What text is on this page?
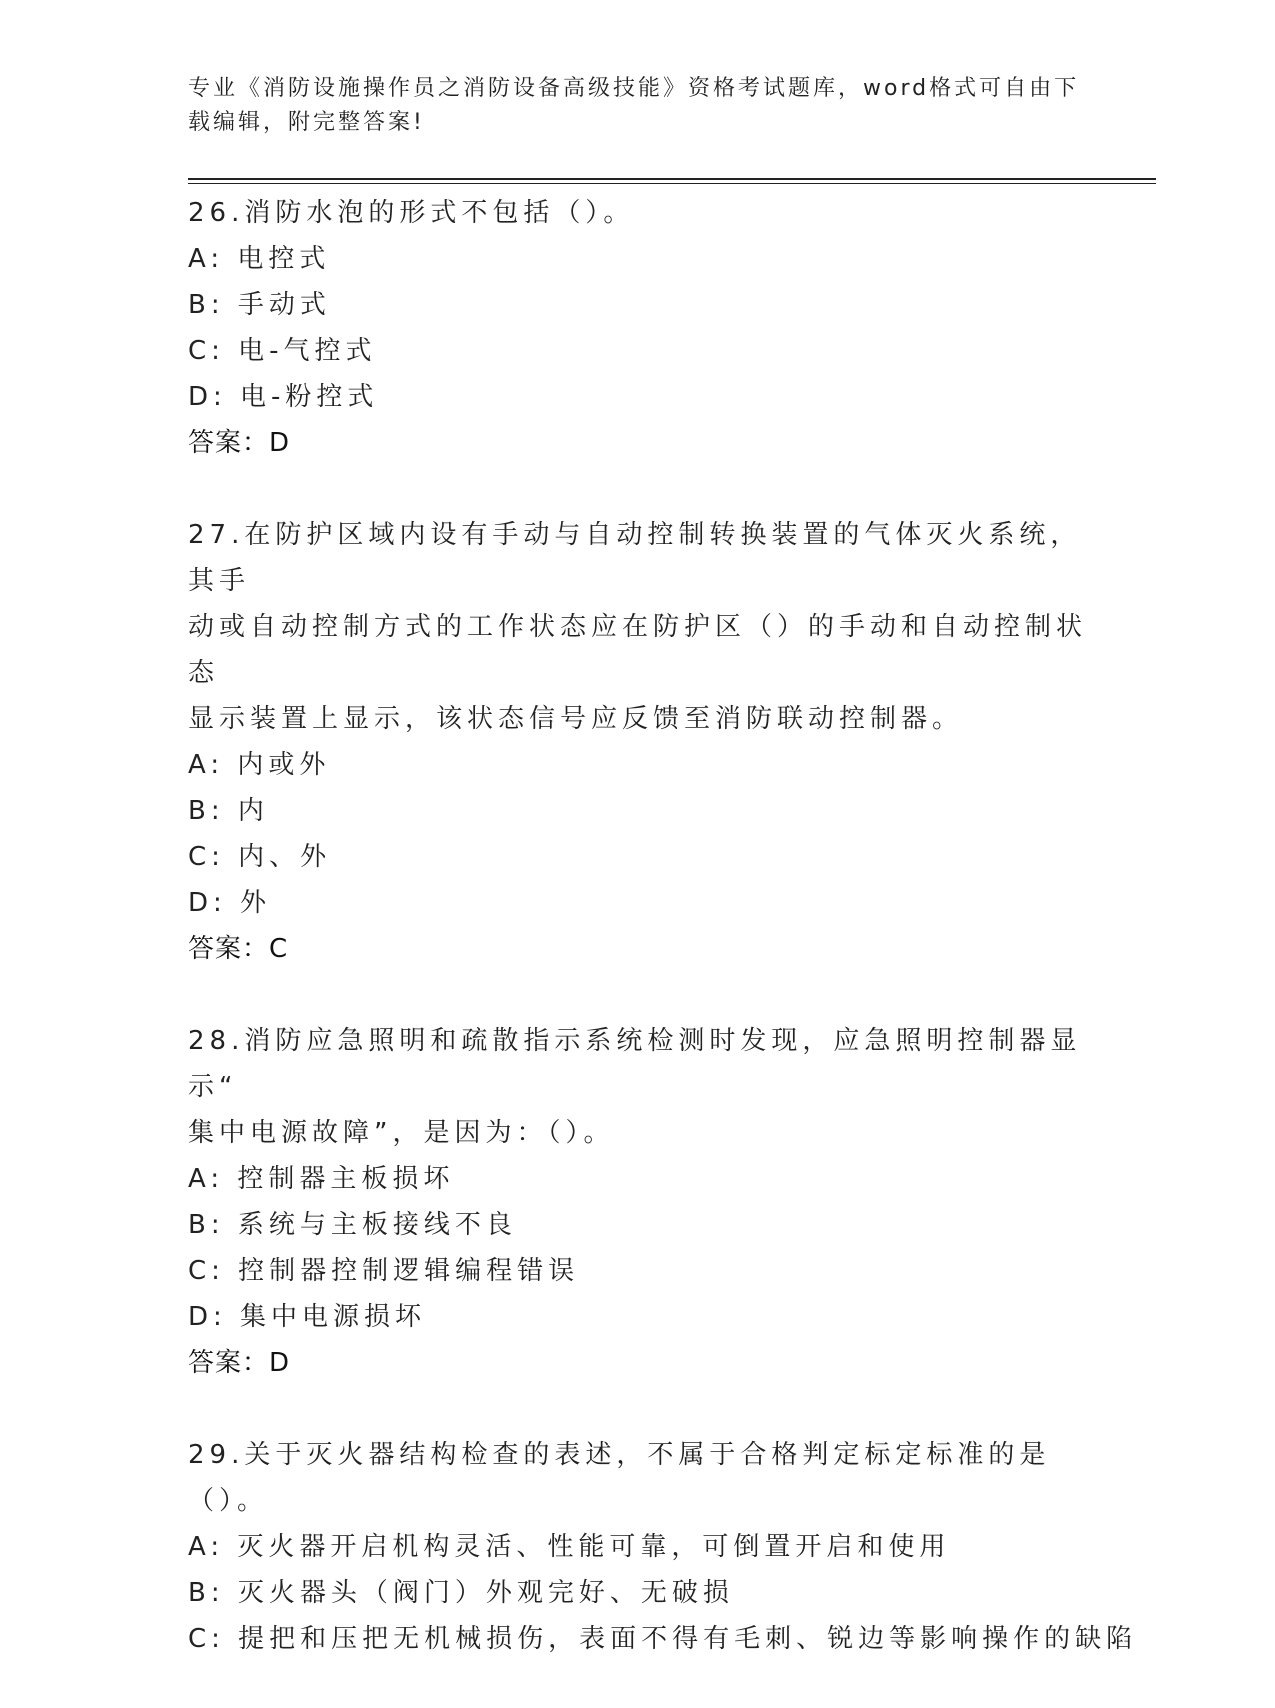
专业《消防设施操作员之消防设备高级技能》资格考试题库，word格式可自由下
载编辑，附完整答案!
26.消防水泡的形式不包括（）。
A: 电控式
B: 手动式
C: 电-气控式
D: 电-粉控式
答案：D
27.在防护区域内设有手动与自动控制转换装置的气体灭火系统，其手
动或自动控制方式的工作状态应在防护区（）的手动和自动控制状态
显示装置上显示，该状态信号应反馈至消防联动控制器。
A: 内或外
B: 内
C: 内、外
D: 外
答案：C
28.消防应急照明和疏散指示系统检测时发现，应急照明控制器显示“
集中电源故障”，是因为：（）。
A: 控制器主板损坏
B: 系统与主板接线不良
C: 控制器控制逻辑编程错误
D: 集中电源损坏
答案：D
29.关于灭火器结构检查的表述，不属于合格判定标定标准的是（）。
A: 灭火器开启机构灵活、性能可靠，可倒置开启和使用
B: 灭火器头（阀门）外观完好、无破损
C: 提把和压把无机械损伤，表面不得有毛刺、锐边等影响操作的缺陷
